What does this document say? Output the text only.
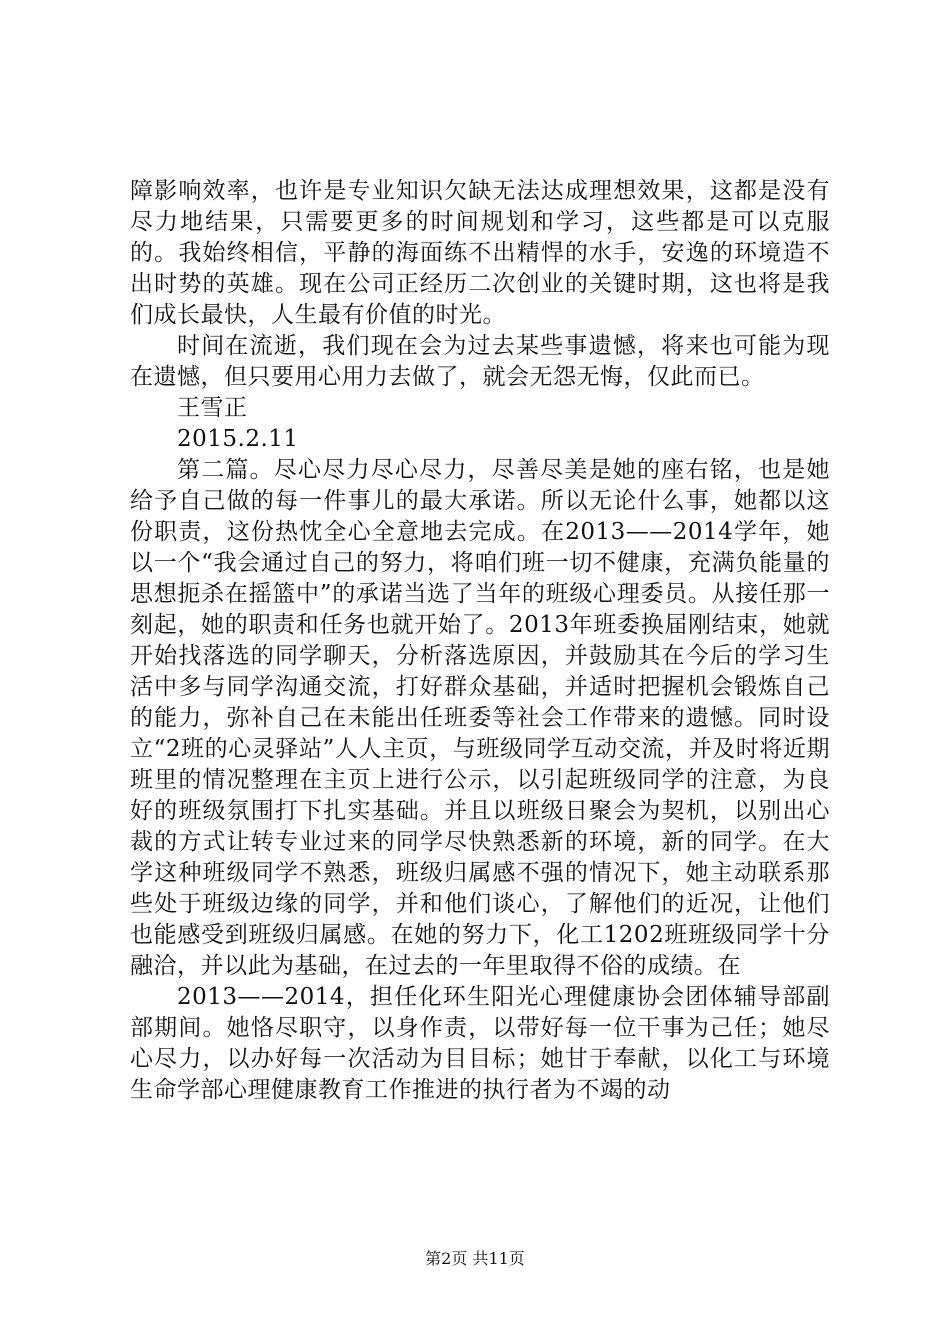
障影响效率，也许是专业知识欠缺无法达成理想效果，这都是没有尽力地结果，只需要更多的时间规划和学习，这些都是可以克服的。我始终相信，平静的海面练不出精悍的水手，安逸的环境造不出时势的英雄。现在公司正经历二次创业的关键时期，这也将是我们成长最快，人生最有价值的时光。

时间在流逝，我们现在会为过去某些事遗憾，将来也可能为现在遗憾，但只要用心用力去做了，就会无怨无悔，仅此而已。

王雪正

2015.2.11

第二篇。尽心尽力尽心尽力，尽善尽美是她的座右铭，也是她给予自己做的每一件事儿的最大承诺。所以无论什么事，她都以这份职责，这份热忱全心全意地去完成。在2013——2014学年，她以一个“我会通过自己的努力，将咱们班一切不健康，充满负能量的思想扼杀在摇篮中”的承诺当选了当年的班级心理委员。从接任那一刻起，她的职责和任务也就开始了。2013年班委换届刚结束，她就开始找落选的同学聊天，分析落选原因，并鼓励其在今后的学习生活中多与同学沟通交流，打好群众基础，并适时把握机会锻炼自己的能力，弥补自己在未能出任班委等社会工作带来的遗憾。同时设立“2班的心灵驿站”人人主页，与班级同学互动交流，并及时将近期班里的情况整理在主页上进行公示，以引起班级同学的注意，为良好的班级氛围打下扎实基础。并且以班级日聚会为契机，以别出心裁的方式让转专业过来的同学尽快熟悉新的环境，新的同学。在大学这种班级同学不熟悉，班级归属感不强的情况下，她主动联系那些处于班级边缘的同学，并和他们谈心，了解他们的近况，让他们也能感受到班级归属感。在她的努力下，化工1202班班级同学十分融洽，并以此为基础，在过去的一年里取得不俗的成绩。在

2013——2014，担任化环生阳光心理健康协会团体辅导部副部期间。她恪尽职守，以身作责，以带好每一位干事为己任；她尽心尽力，以办好每一次活动为目目标；她甘于奉献，以化工与环境生命学部心理健康教育工作推进的执行者为不竭的动

第2页 共11页
